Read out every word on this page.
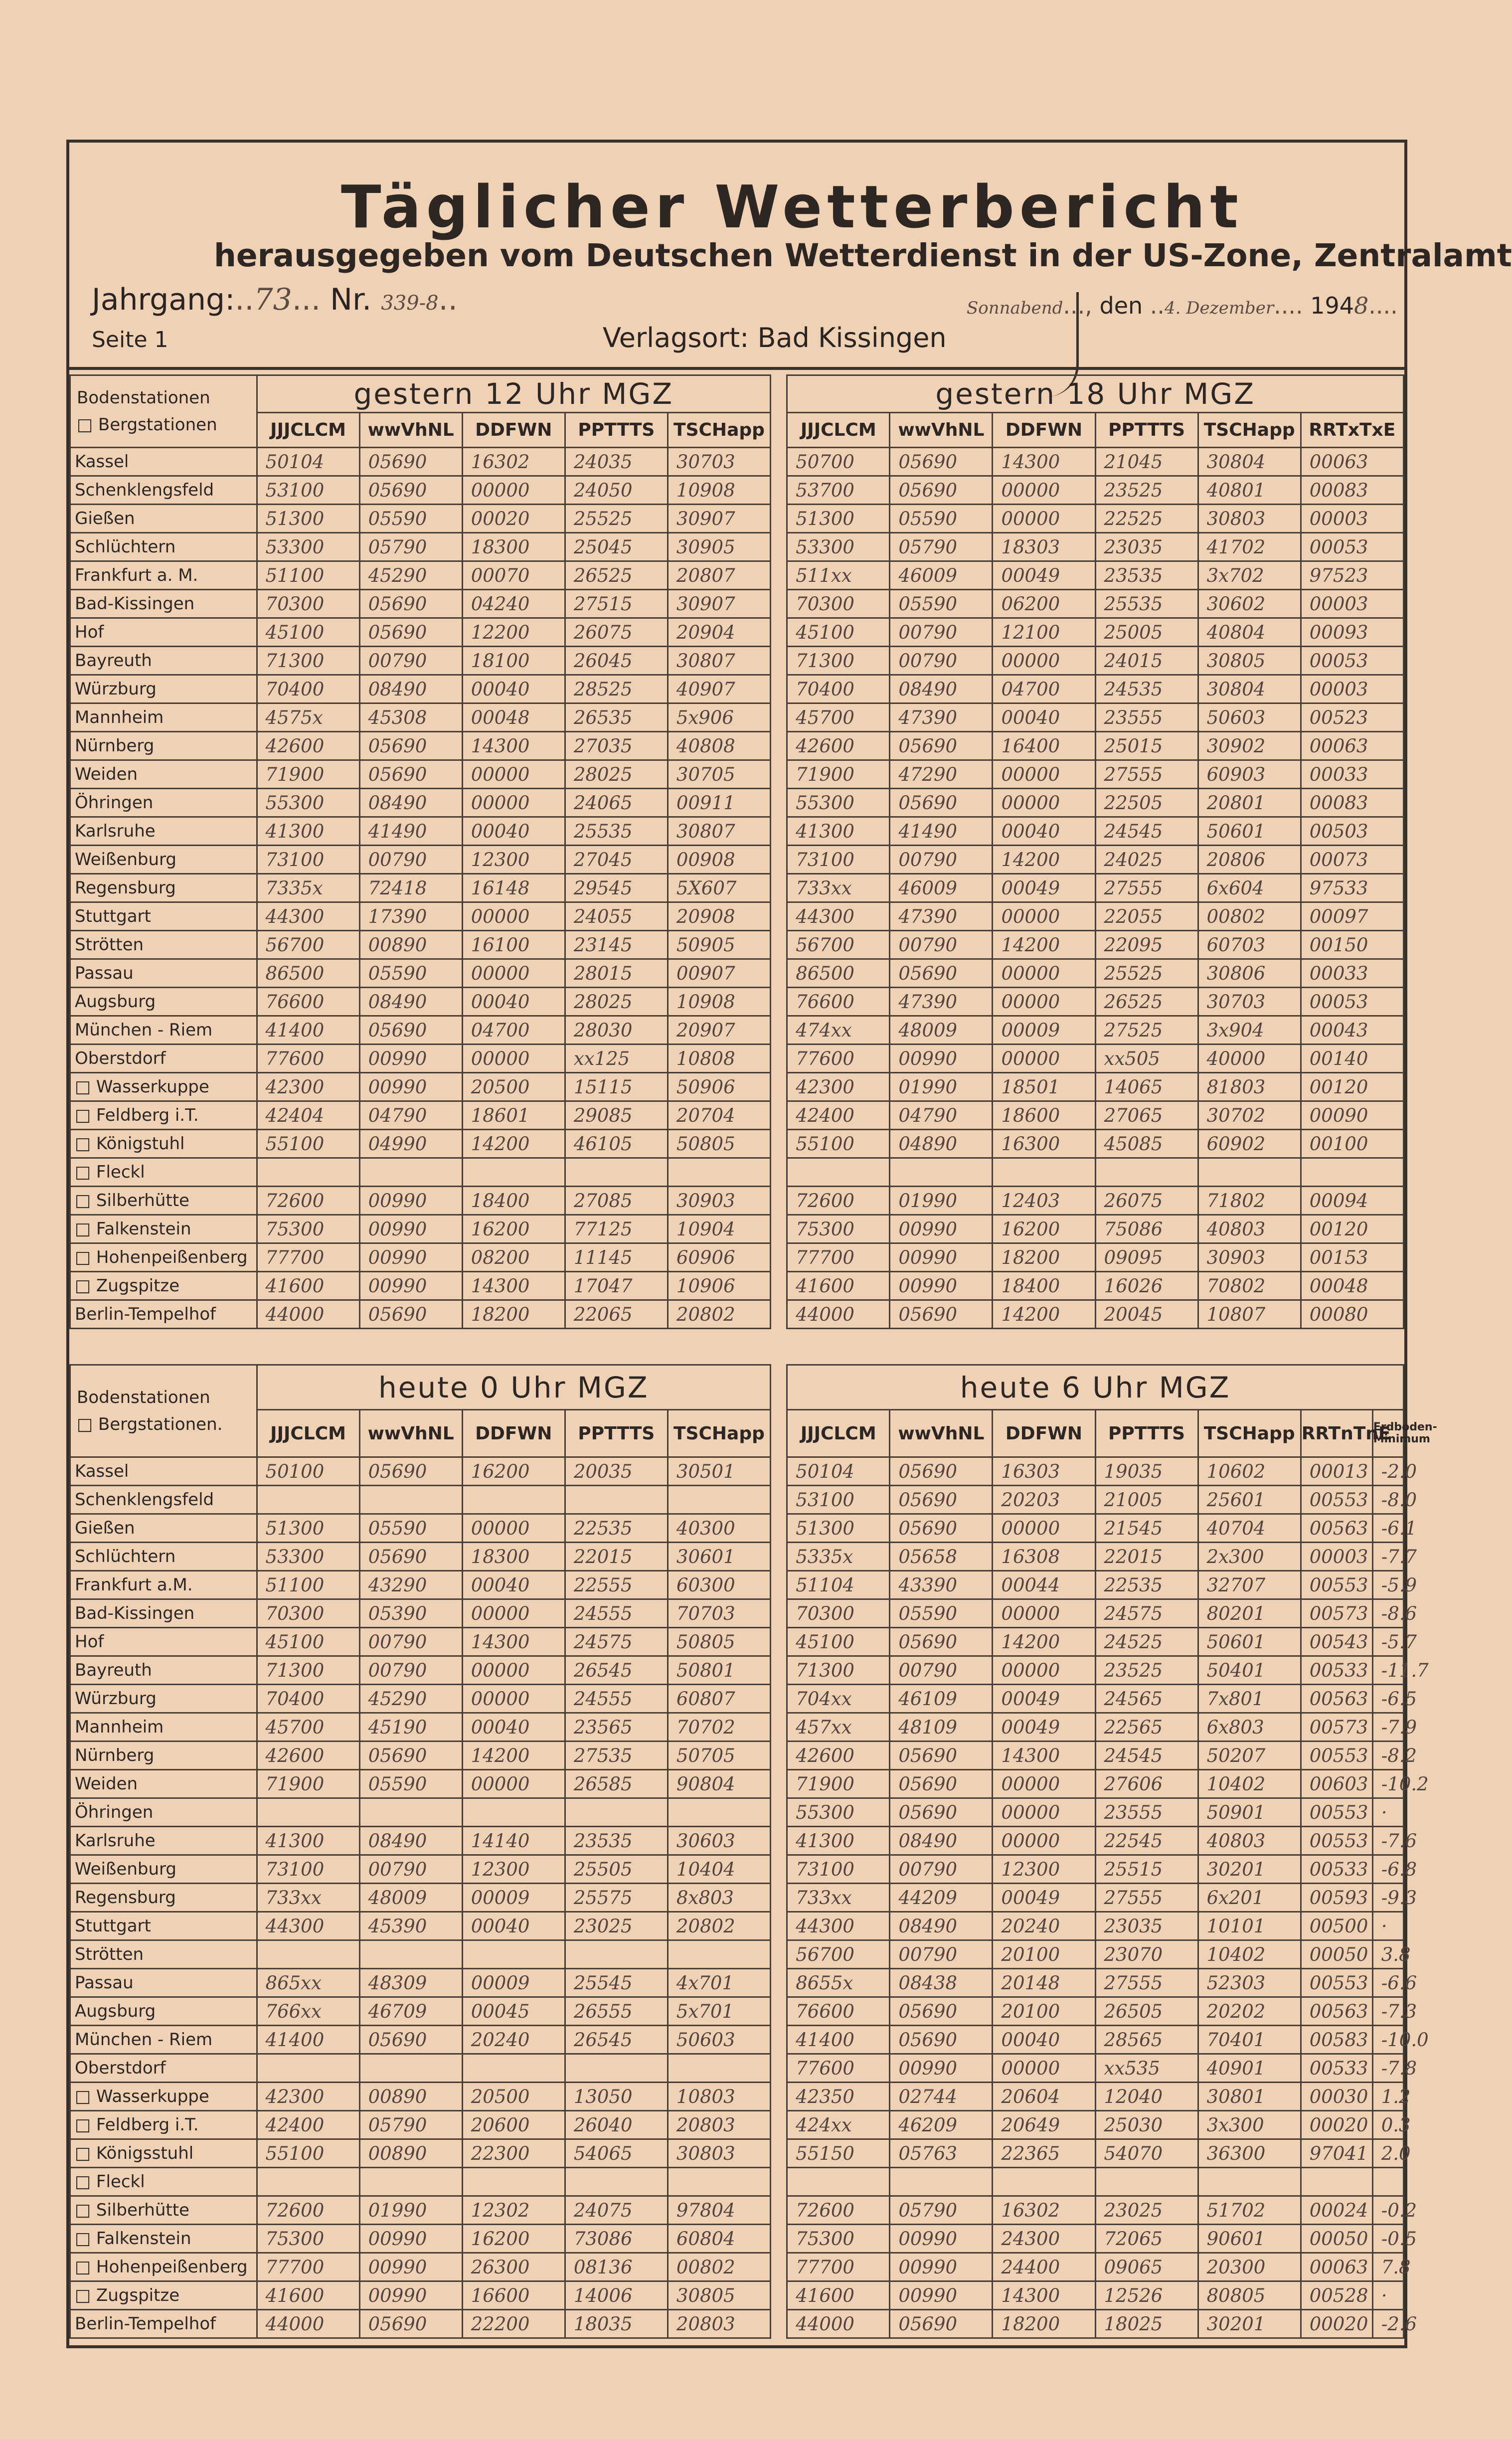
Täglicher Wetterbericht
herausgegeben vom Deutschen Wetterdienst in der US-Zone, Zentralamt
Jahrgang:..73... Nr. 339-8..	Sonnabend..., den ..4. Dezember.... 1948....
Seite 1	Verlagsort: Bad Kissingen
Bodenstationen
□ Bergstationen	gestern 12 Uhr MGZ						gestern 18 Uhr MGZ					
	JJJCLCM	wwVhNL	DDFWN	PPTTTS	TSCHapp		JJJCLCM	wwVhNL	DDFWN	PPTTTS	TSCHapp	RRTxTxE
Kassel	50104	05690	16302	24035	30703		50700	05690	14300	21045	30804	00063
Schenklengsfeld	53100	05690	00000	24050	10908		53700	05690	00000	23525	40801	00083
Gießen	51300	05590	00020	25525	30907		51300	05590	00000	22525	30803	00003
Schlüchtern	53300	05790	18300	25045	30905		53300	05790	18303	23035	41702	00053
Frankfurt a. M.	51100	45290	00070	26525	20807		511xx	46009	00049	23535	3x702	97523
Bad-Kissingen	70300	05690	04240	27515	30907		70300	05590	06200	25535	30602	00003
Hof	45100	05690	12200	26075	20904		45100	00790	12100	25005	40804	00093
Bayreuth	71300	00790	18100	26045	30807		71300	00790	00000	24015	30805	00053
Würzburg	70400	08490	00040	28525	40907		70400	08490	04700	24535	30804	00003
Mannheim	4575x	45308	00048	26535	5x906		45700	47390	00040	23555	50603	00523
Nürnberg	42600	05690	14300	27035	40808		42600	05690	16400	25015	30902	00063
Weiden	71900	05690	00000	28025	30705		71900	47290	00000	27555	60903	00033
Öhringen	55300	08490	00000	24065	00911		55300	05690	00000	22505	20801	00083
Karlsruhe	41300	41490	00040	25535	30807		41300	41490	00040	24545	50601	00503
Weißenburg	73100	00790	12300	27045	00908		73100	00790	14200	24025	20806	00073
Regensburg	7335x	72418	16148	29545	5X607		733xx	46009	00049	27555	6x604	97533
Stuttgart	44300	17390	00000	24055	20908		44300	47390	00000	22055	00802	00097
Strötten	56700	00890	16100	23145	50905		56700	00790	14200	22095	60703	00150
Passau	86500	05590	00000	28015	00907		86500	05690	00000	25525	30806	00033
Augsburg	76600	08490	00040	28025	10908		76600	47390	00000	26525	30703	00053
München - Riem	41400	05690	04700	28030	20907		474xx	48009	00009	27525	3x904	00043
Oberstdorf	77600	00990	00000	xx125	10808		77600	00990	00000	xx505	40000	00140
□ Wasserkuppe	42300	00990	20500	15115	50906		42300	01990	18501	14065	81803	00120
□ Feldberg i.T.	42404	04790	18601	29085	20704		42400	04790	18600	27065	30702	00090
□ Königstuhl	55100	04990	14200	46105	50805		55100	04890	16300	45085	60902	00100
□ Fleckl												
□ Silberhütte	72600	00990	18400	27085	30903		72600	01990	12403	26075	71802	00094
□ Falkenstein	75300	00990	16200	77125	10904		75300	00990	16200	75086	40803	00120
□ Hohenpeißenberg	77700	00990	08200	11145	60906		77700	00990	18200	09095	30903	00153
□ Zugspitze	41600	00990	14300	17047	10906		41600	00990	18400	16026	70802	00048
Berlin-Tempelhof	44000	05690	18200	22065	20802		44000	05690	14200	20045	10807	00080
Bodenstationen
□ Bergstationen.	heute 0 Uhr MGZ						heute 6 Uhr MGZ						
	JJJCLCM	wwVhNL	DDFWN	PPTTTS	TSCHapp		JJJCLCM	wwVhNL	DDFWN	PPTTTS	TSCHapp	RRTnTnE	Erdboden-Minimum
Kassel	50100	05690	16200	20035	30501		50104	05690	16303	19035	10602	00013	-2.0
Schenklengsfeld							53100	05690	20203	21005	25601	00553	-8.0
Gießen	51300	05590	00000	22535	40300		51300	05690	00000	21545	40704	00563	-6.1
Schlüchtern	53300	05690	18300	22015	30601		5335x	05658	16308	22015	2x300	00003	-7.7
Frankfurt a.M.	51100	43290	00040	22555	60300		51104	43390	00044	22535	32707	00553	-5.9
Bad-Kissingen	70300	05390	00000	24555	70703		70300	05590	00000	24575	80201	00573	-8.6
Hof	45100	00790	14300	24575	50805		45100	05690	14200	24525	50601	00543	-5.7
Bayreuth	71300	00790	00000	26545	50801		71300	00790	00000	23525	50401	00533	-11.7
Würzburg	70400	45290	00000	24555	60807		704xx	46109	00049	24565	7x801	00563	-6.5
Mannheim	45700	45190	00040	23565	70702		457xx	48109	00049	22565	6x803	00573	-7.9
Nürnberg	42600	05690	14200	27535	50705		42600	05690	14300	24545	50207	00553	-8.2
Weiden	71900	05590	00000	26585	90804		71900	05690	00000	27606	10402	00603	-10.2
Öhringen							55300	05690	00000	23555	50901	00553	·
Karlsruhe	41300	08490	14140	23535	30603		41300	08490	00000	22545	40803	00553	-7.6
Weißenburg	73100	00790	12300	25505	10404		73100	00790	12300	25515	30201	00533	-6.8
Regensburg	733xx	48009	00009	25575	8x803		733xx	44209	00049	27555	6x201	00593	-9.3
Stuttgart	44300	45390	00040	23025	20802		44300	08490	20240	23035	10101	00500	·
Strötten							56700	00790	20100	23070	10402	00050	3.8
Passau	865xx	48309	00009	25545	4x701		8655x	08438	20148	27555	52303	00553	-6.6
Augsburg	766xx	46709	00045	26555	5x701		76600	05690	20100	26505	20202	00563	-7.3
München - Riem	41400	05690	20240	26545	50603		41400	05690	00040	28565	70401	00583	-10.0
Oberstdorf							77600	00990	00000	xx535	40901	00533	-7.8
□ Wasserkuppe	42300	00890	20500	13050	10803		42350	02744	20604	12040	30801	00030	1.2
□ Feldberg i.T.	42400	05790	20600	26040	20803		424xx	46209	20649	25030	3x300	00020	0.3
□ Königsstuhl	55100	00890	22300	54065	30803		55150	05763	22365	54070	36300	97041	2.0
□ Fleckl													
□ Silberhütte	72600	01990	12302	24075	97804		72600	05790	16302	23025	51702	00024	-0.2
□ Falkenstein	75300	00990	16200	73086	60804		75300	00990	24300	72065	90601	00050	-0.5
□ Hohenpeißenberg	77700	00990	26300	08136	00802		77700	00990	24400	09065	20300	00063	7.8
□ Zugspitze	41600	00990	16600	14006	30805		41600	00990	14300	12526	80805	00528	·
Berlin-Tempelhof	44000	05690	22200	18035	20803		44000	05690	18200	18025	30201	00020	-2.6
